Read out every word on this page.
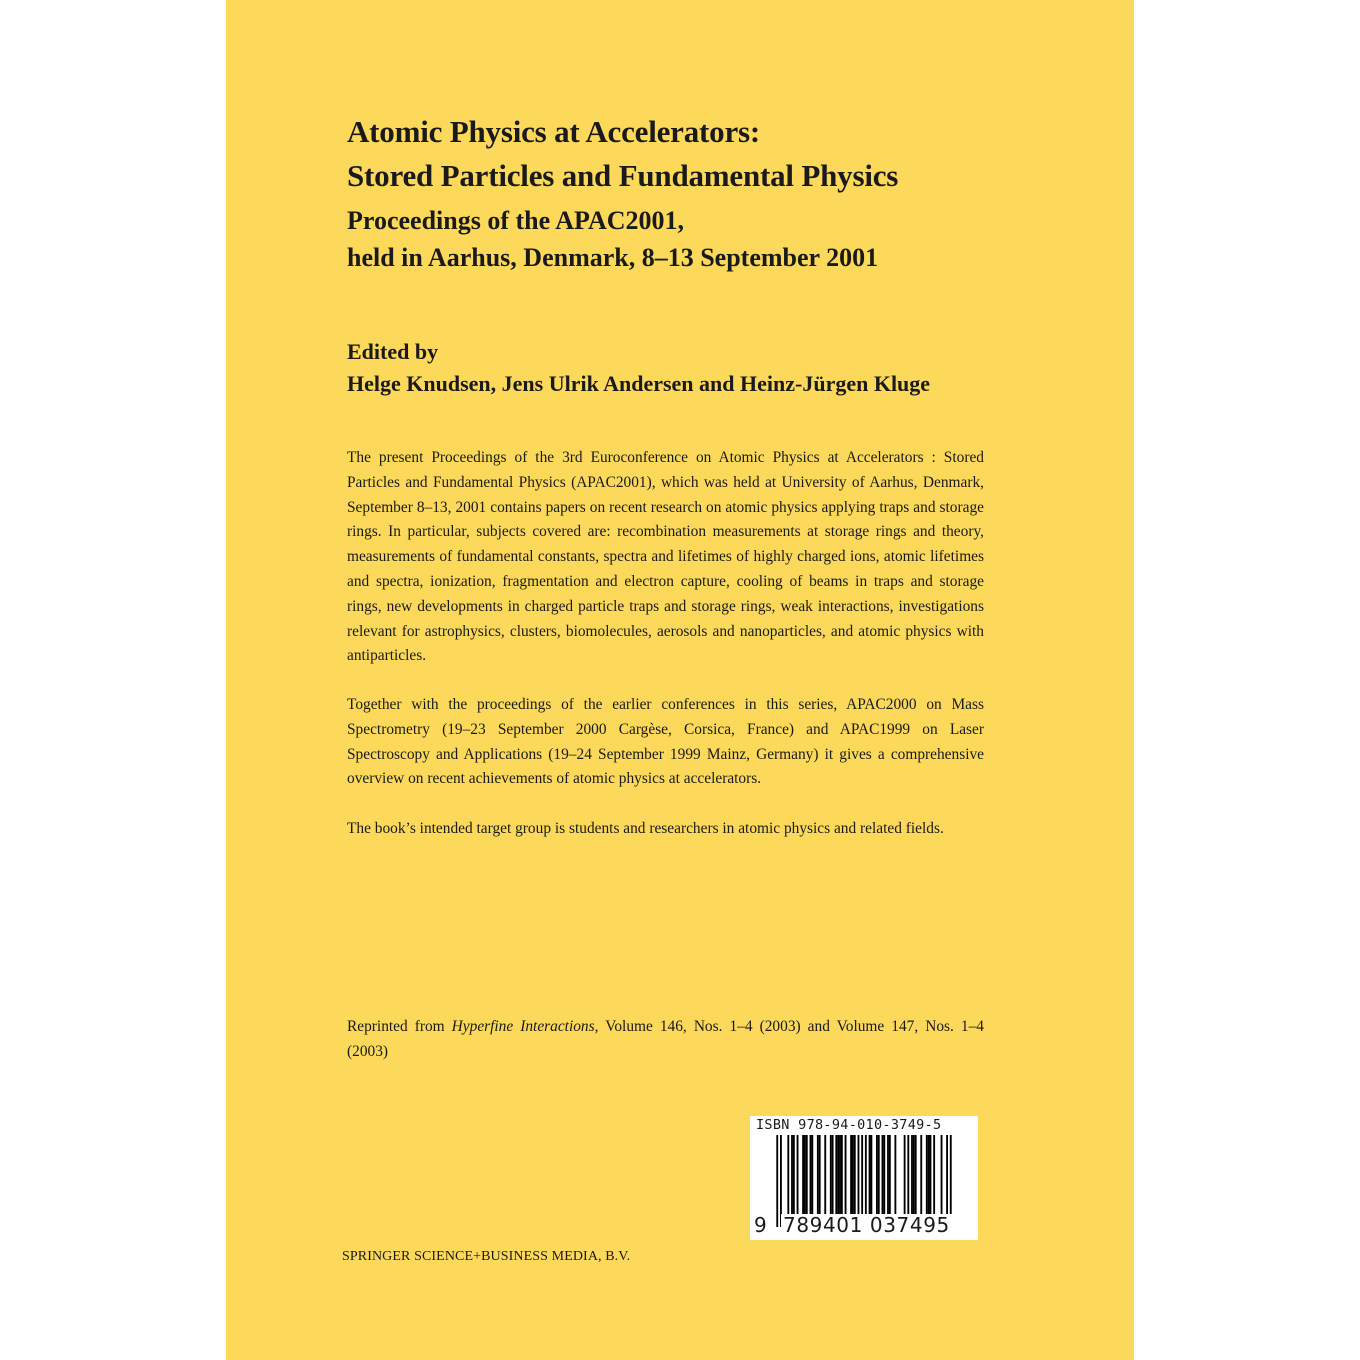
Atomic Physics at Accelerators:
Stored Particles and Fundamental Physics
Proceedings of the APAC2001,
held in Aarhus, Denmark, 8–13 September 2001
Edited by
Helge Knudsen, Jens Ulrik Andersen and Heinz-Jürgen Kluge

The present Proceedings of the 3rd Euroconference on Atomic Physics at Accelerators : Stored Particles and Fundamental Physics (APAC2001), which was held at University of Aarhus, Denmark, September 8–13, 2001 contains papers on recent research on atomic physics applying traps and storage rings. In particular, subjects covered are: recombination measurements at storage rings and theory, measurements of fundamental constants, spectra and lifetimes of highly charged ions, atomic lifetimes and spectra, ionization, fragmentation and electron capture, cooling of beams in traps and storage rings, new developments in charged particle traps and storage rings, weak interactions, investigations relevant for astrophysics, clusters, biomolecules, aerosols and nanoparticles, and atomic physics with antiparticles.

Together with the proceedings of the earlier conferences in this series, APAC2000 on Mass Spectrometry (19–23 September 2000 Cargèse, Corsica, France) and APAC1999 on Laser Spectroscopy and Applications (19–24 September 1999 Mainz, Germany) it gives a comprehensive overview on recent achievements of atomic physics at accelerators.

The book’s intended target group is students and researchers in atomic physics and related fields.

Reprinted from Hyperfine Interactions, Volume 146, Nos. 1–4 (2003) and Volume 147, Nos. 1–4 (2003)

ISBN 978-94-010-3749-5
9 789401 037495
SPRINGER SCIENCE+BUSINESS MEDIA, B.V.
